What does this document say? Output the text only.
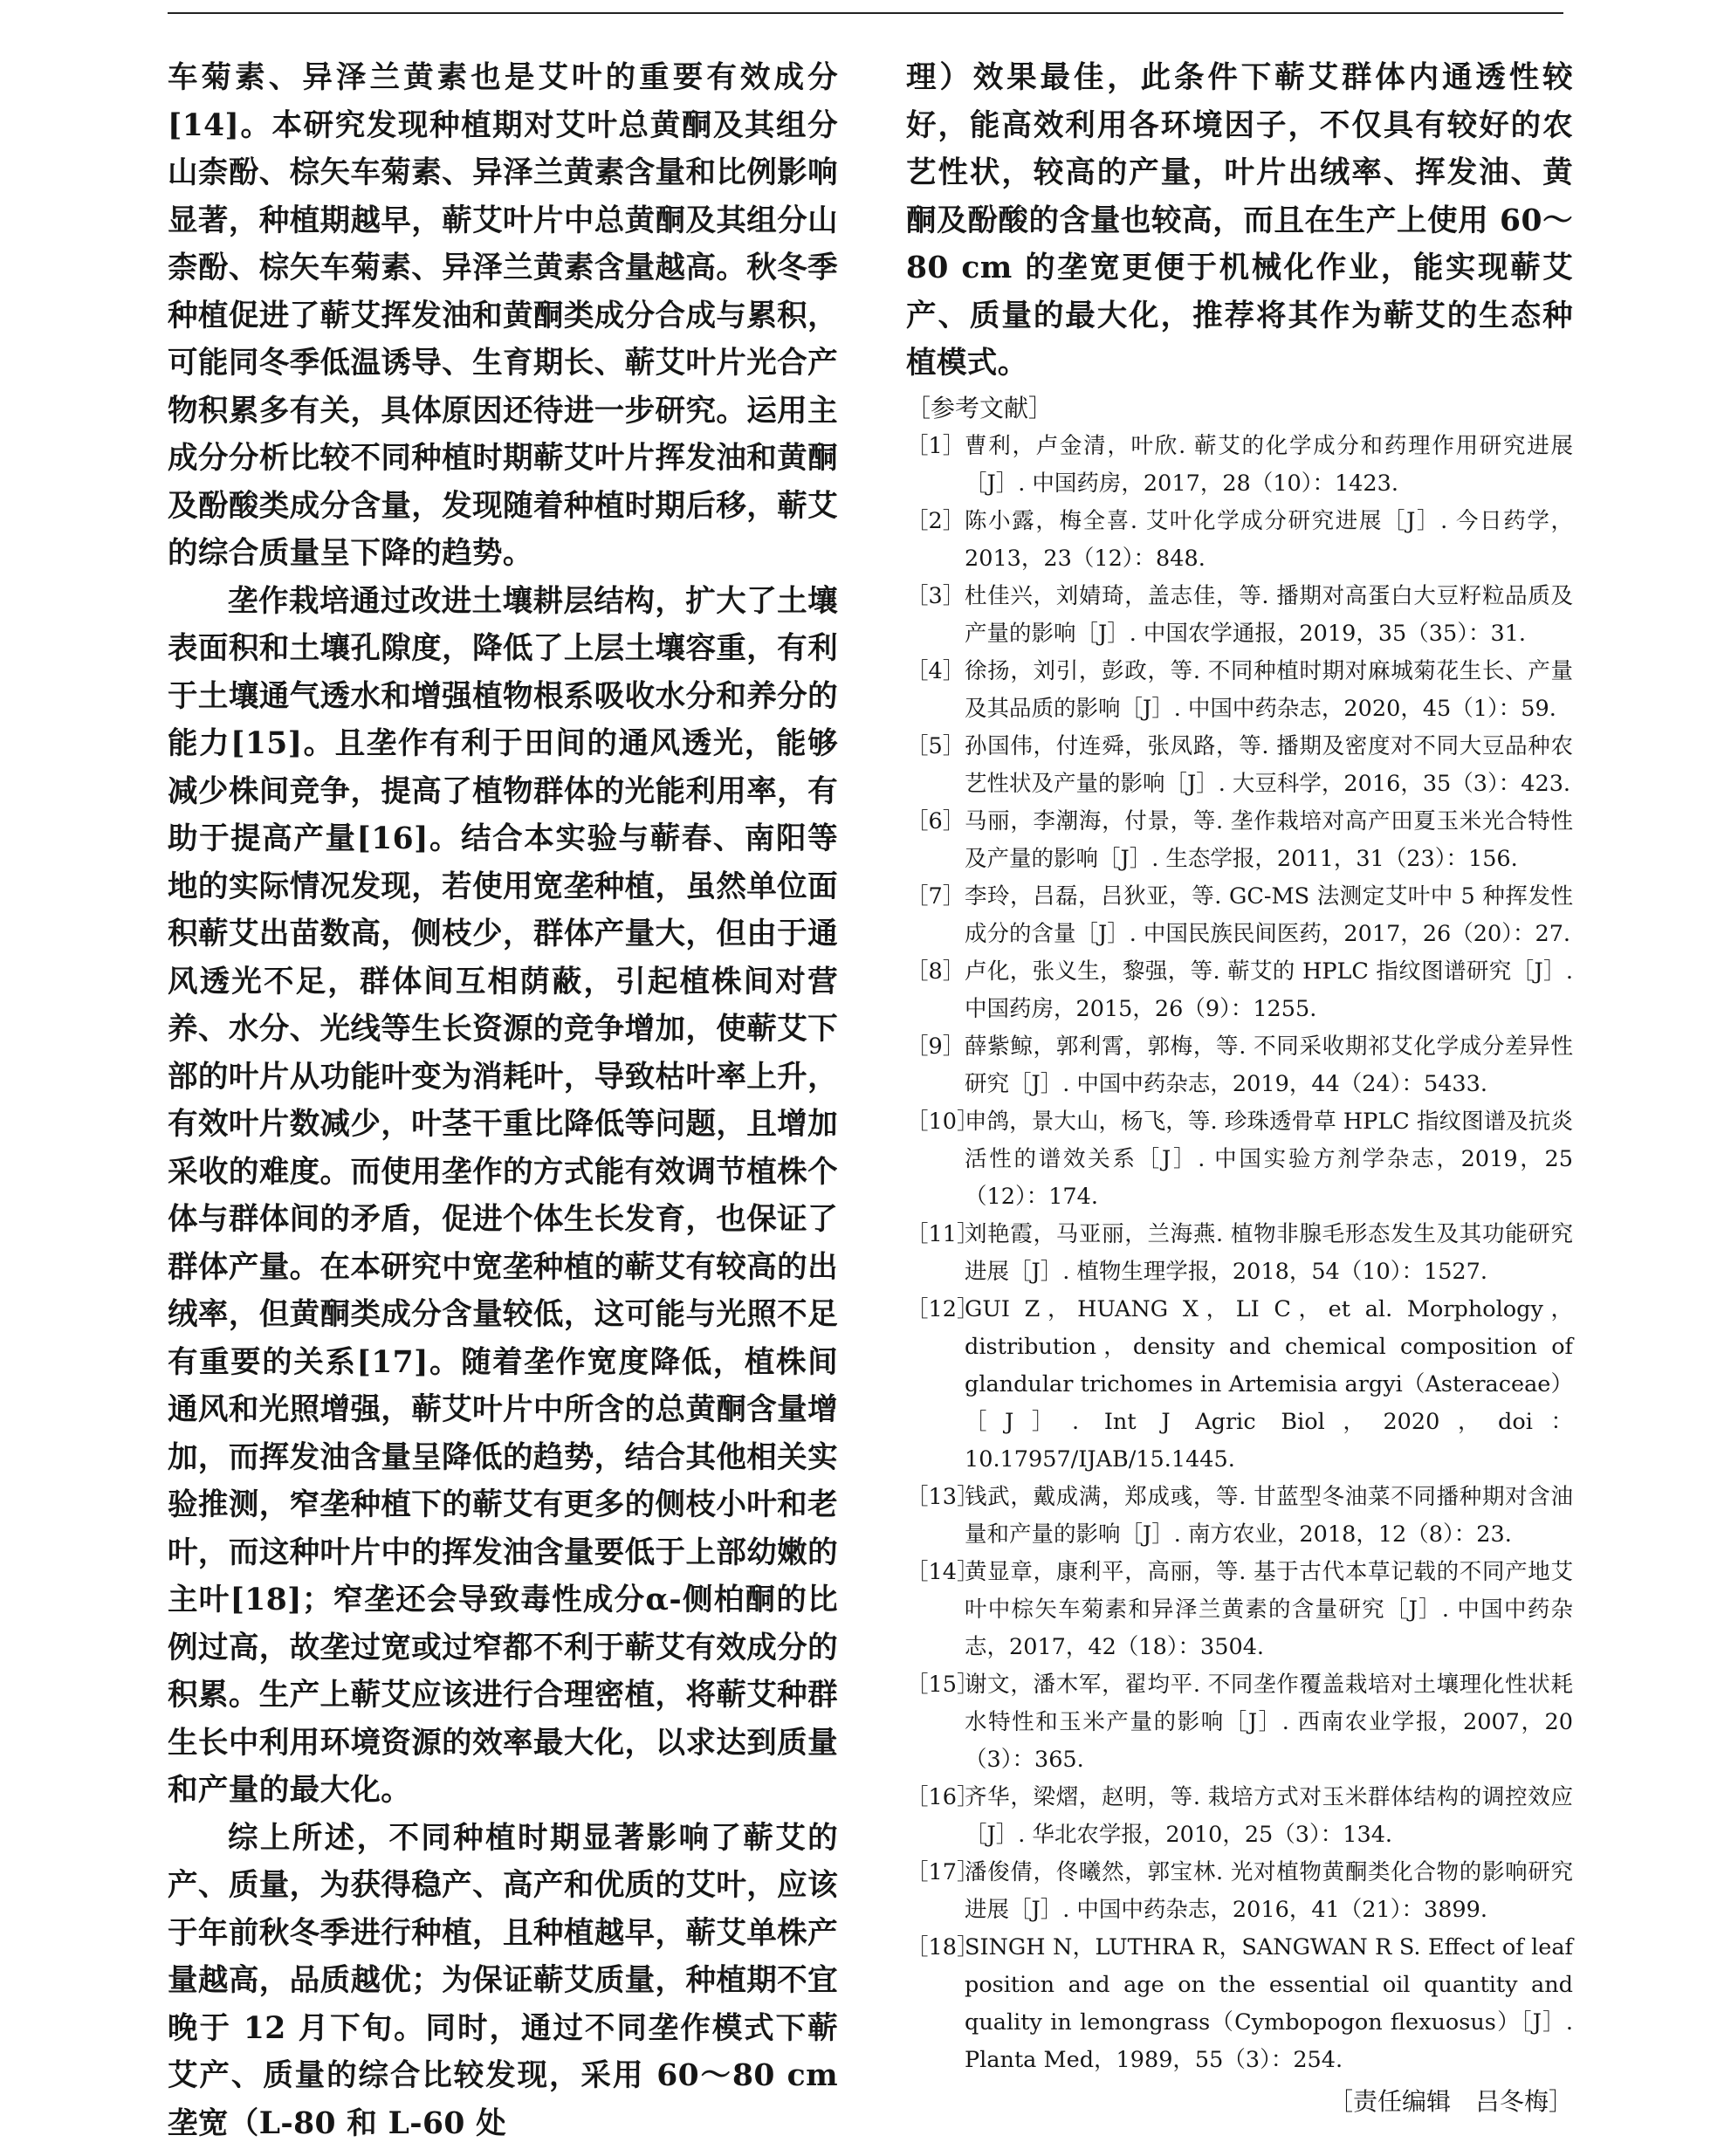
车菊素、异泽兰黄素也是艾叶的重要有效成分[14]。本研究发现种植期对艾叶总黄酮及其组分山柰酚、棕矢车菊素、异泽兰黄素含量和比例影响显著，种植期越早，蕲艾叶片中总黄酮及其组分山柰酚、棕矢车菊素、异泽兰黄素含量越高。秋冬季种植促进了蕲艾挥发油和黄酮类成分合成与累积，可能同冬季低温诱导、生育期长、蕲艾叶片光合产物积累多有关，具体原因还待进一步研究。运用主成分分析比较不同种植时期蕲艾叶片挥发油和黄酮及酚酸类成分含量，发现随着种植时期后移，蕲艾的综合质量呈下降的趋势。

垄作栽培通过改进土壤耕层结构，扩大了土壤表面积和土壤孔隙度，降低了上层土壤容重，有利于土壤通气透水和增强植物根系吸收水分和养分的能力[15]。且垄作有利于田间的通风透光，能够减少株间竞争，提高了植物群体的光能利用率，有助于提高产量[16]。结合本实验与蕲春、南阳等地的实际情况发现，若使用宽垄种植，虽然单位面积蕲艾出苗数高，侧枝少，群体产量大，但由于通风透光不足，群体间互相荫蔽，引起植株间对营养、水分、光线等生长资源的竞争增加，使蕲艾下部的叶片从功能叶变为消耗叶，导致枯叶率上升，有效叶片数减少，叶茎干重比降低等问题，且增加采收的难度。而使用垄作的方式能有效调节植株个体与群体间的矛盾，促进个体生长发育，也保证了群体产量。在本研究中宽垄种植的蕲艾有较高的出绒率，但黄酮类成分含量较低，这可能与光照不足有重要的关系[17]。随着垄作宽度降低，植株间通风和光照增强，蕲艾叶片中所含的总黄酮含量增加，而挥发油含量呈降低的趋势，结合其他相关实验推测，窄垄种植下的蕲艾有更多的侧枝小叶和老叶，而这种叶片中的挥发油含量要低于上部幼嫩的主叶[18]；窄垄还会导致毒性成分α-侧柏酮的比例过高，故垄过宽或过窄都不利于蕲艾有效成分的积累。生产上蕲艾应该进行合理密植，将蕲艾种群生长中利用环境资源的效率最大化，以求达到质量和产量的最大化。

综上所述，不同种植时期显著影响了蕲艾的产、质量，为获得稳产、高产和优质的艾叶，应该于年前秋冬季进行种植，且种植越早，蕲艾单株产量越高，品质越优；为保证蕲艾质量，种植期不宜晚于 12 月下旬。同时，通过不同垄作模式下蕲艾产、质量的综合比较发现，采用 60～80 cm 垄宽（L-80 和 L-60 处

理）效果最佳，此条件下蕲艾群体内通透性较好，能高效利用各环境因子，不仅具有较好的农艺性状，较高的产量，叶片出绒率、挥发油、黄酮及酚酸的含量也较高，而且在生产上使用 60～80 cm 的垄宽更便于机械化作业，能实现蕲艾产、质量的最大化，推荐将其作为蕲艾的生态种植模式。

［参考文献］

［1］ 曹利，卢金清，叶欣. 蕲艾的化学成分和药理作用研究进展［J］. 中国药房，2017，28（10）：1423.
［2］ 陈小露，梅全喜. 艾叶化学成分研究进展［J］. 今日药学，2013，23（12）：848.
［3］ 杜佳兴，刘婧琦，盖志佳，等. 播期对高蛋白大豆籽粒品质及产量的影响［J］. 中国农学通报，2019，35（35）：31.
［4］ 徐扬，刘引，彭政，等. 不同种植时期对麻城菊花生长、产量及其品质的影响［J］. 中国中药杂志，2020，45（1）：59.
［5］ 孙国伟，付连舜，张凤路，等. 播期及密度对不同大豆品种农艺性状及产量的影响［J］. 大豆科学，2016，35（3）：423.
［6］ 马丽，李潮海，付景，等. 垄作栽培对高产田夏玉米光合特性及产量的影响［J］. 生态学报，2011，31（23）：156.
［7］ 李玲，吕磊，吕狄亚，等. GC-MS 法测定艾叶中 5 种挥发性成分的含量［J］. 中国民族民间医药，2017，26（20）：27.
［8］ 卢化，张义生，黎强，等. 蕲艾的 HPLC 指纹图谱研究［J］. 中国药房，2015，26（9）：1255.
［9］ 薛紫鲸，郭利霄，郭梅，等. 不同采收期祁艾化学成分差异性研究［J］. 中国中药杂志，2019，44（24）：5433.
［10］
申鸽，景大山，杨飞，等. 珍珠透骨草 HPLC 指纹图谱及抗炎活性的谱效关系［J］. 中国实验方剂学杂志，2019，25（12）：174.
［11］
刘艳霞，马亚丽，兰海燕. 植物非腺毛形态发生及其功能研究进展［J］. 植物生理学报，2018，54（10）：1527.
［12］
GUI Z，HUANG X，LI C，et al. Morphology，distribution，density and chemical composition of glandular trichomes in Artemisia argyi（Asteraceae）［J］. Int J Agric Biol，2020，doi：10.17957/IJAB/15.1445.
［13］
钱武，戴成满，郑成彧，等. 甘蓝型冬油菜不同播种期对含油量和产量的影响［J］. 南方农业，2018，12（8）：23.
［14］
黄显章，康利平，高丽，等. 基于古代本草记载的不同产地艾叶中棕矢车菊素和异泽兰黄素的含量研究［J］. 中国中药杂志，2017，42（18）：3504.
［15］
谢文，潘木军，翟均平. 不同垄作覆盖栽培对土壤理化性状耗水特性和玉米产量的影响［J］. 西南农业学报，2007，20（3）：365.
［16］
齐华，梁熠，赵明，等. 栽培方式对玉米群体结构的调控效应［J］. 华北农学报，2010，25（3）：134.
［17］
潘俊倩，佟曦然，郭宝林. 光对植物黄酮类化合物的影响研究进展［J］. 中国中药杂志，2016，41（21）：3899.
［18］
SINGH N，LUTHRA R，SANGWAN R S. Effect of leaf position and age on the essential oil quantity and quality in lemongrass（Cymbopogon flexuosus）［J］. Planta Med，1989，55（3）：254.

［责任编辑　吕冬梅］
